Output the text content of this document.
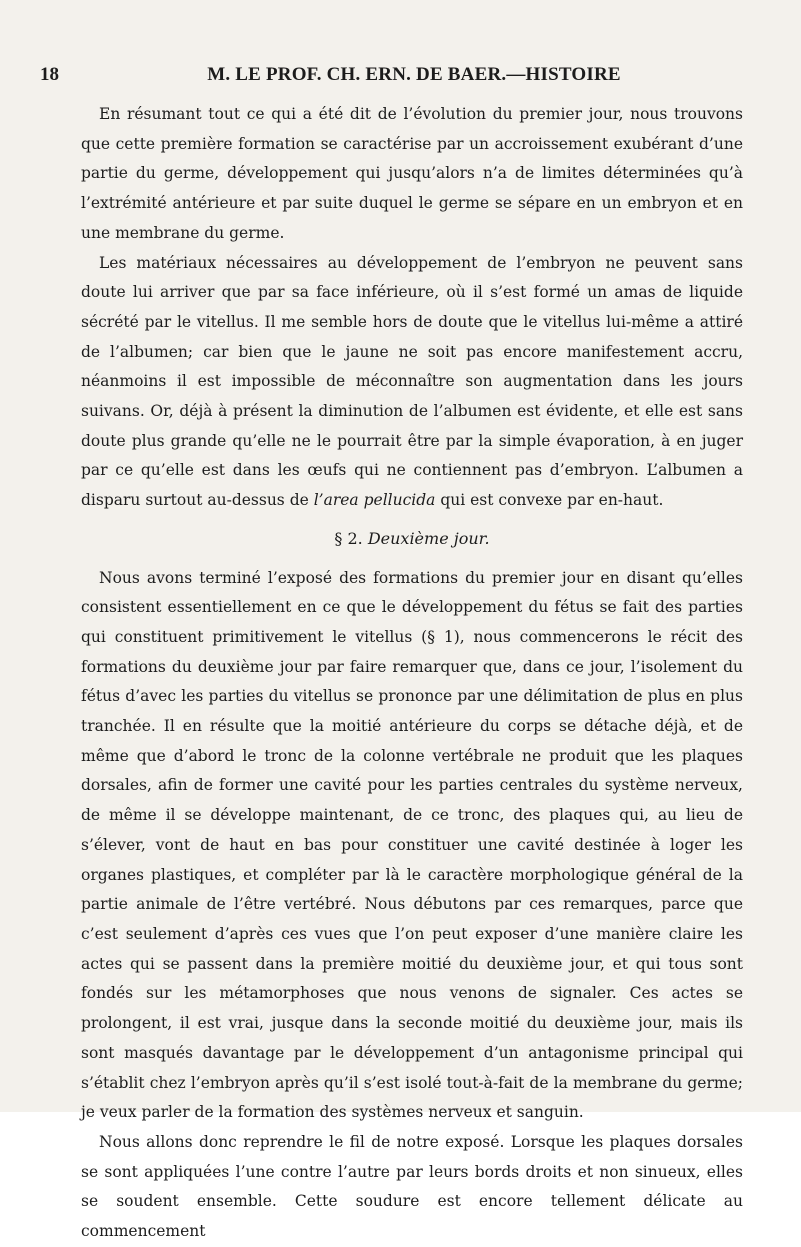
18	M. LE PROF. CH. ERN. DE BAER.—HISTOIRE

En résumant tout ce qui a été dit de l’évolution du premier jour, nous trouvons que cette première formation se caractérise par un accroissement exubérant d’une partie du germe, développement qui jusqu’alors n’a de limites déterminées qu’à l’extrémité antérieure et par suite duquel le germe se sépare en un embryon et en une membrane du germe.

Les matériaux nécessaires au développement de l’embryon ne peuvent sans doute lui arriver que par sa face inférieure, où il s’est formé un amas de liquide sécrété par le vitellus. Il me semble hors de doute que le vitellus lui-même a attiré de l’albumen; car bien que le jaune ne soit pas encore manifestement accru, néanmoins il est impossible de méconnaître son augmentation dans les jours suivans. Or, déjà à présent la diminution de l’albumen est évidente, et elle est sans doute plus grande qu’elle ne le pourrait être par la simple évaporation, à en juger par ce qu’elle est dans les œufs qui ne contiennent pas d’embryon. L’albumen a disparu surtout au-dessus de l’area pellucida qui est convexe par en-haut.

§ 2. Deuxième jour.

Nous avons terminé l’exposé des formations du premier jour en disant qu’elles consistent essentiellement en ce que le développement du fétus se fait des parties qui constituent primitivement le vitellus (§ 1), nous commencerons le récit des formations du deuxième jour par faire remarquer que, dans ce jour, l’isolement du fétus d’avec les parties du vitellus se prononce par une délimitation de plus en plus tranchée. Il en résulte que la moitié antérieure du corps se détache déjà, et de même que d’abord le tronc de la colonne vertébrale ne produit que les plaques dorsales, afin de former une cavité pour les parties centrales du système nerveux, de même il se développe maintenant, de ce tronc, des plaques qui, au lieu de s’élever, vont de haut en bas pour constituer une cavité destinée à loger les organes plastiques, et compléter par là le caractère morphologique général de la partie animale de l’être vertébré. Nous débutons par ces remarques, parce que c’est seulement d’après ces vues que l’on peut exposer d’une manière claire les actes qui se passent dans la première moitié du deuxième jour, et qui tous sont fondés sur les métamorphoses que nous venons de signaler. Ces actes se prolongent, il est vrai, jusque dans la seconde moitié du deuxième jour, mais ils sont masqués davantage par le développement d’un antagonisme principal qui s’établit chez l’embryon après qu’il s’est isolé tout-à-fait de la membrane du germe; je veux parler de la formation des systèmes nerveux et sanguin.

Nous allons donc reprendre le fil de notre exposé. Lorsque les plaques dorsales se sont appliquées l’une contre l’autre par leurs bords droits et non sinueux, elles se soudent ensemble. Cette soudure est encore tellement délicate au commencement
